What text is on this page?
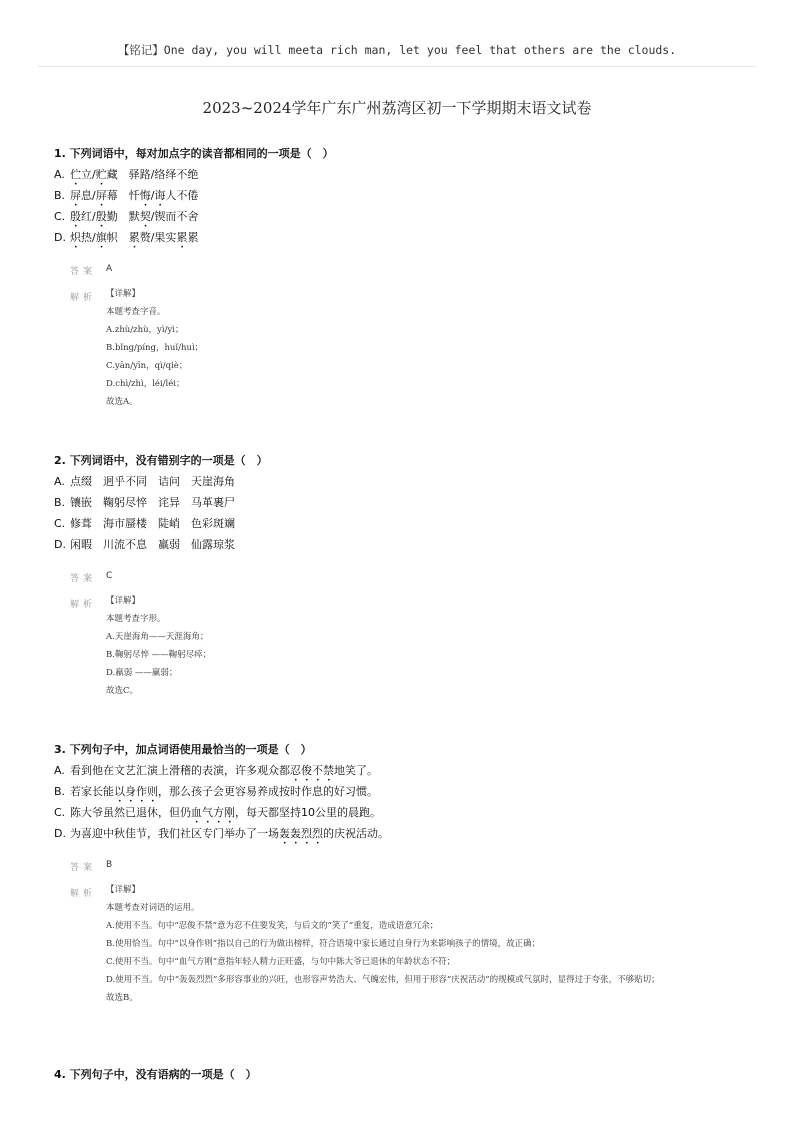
【铭记】One day, you will meeta rich man, let you feel that others are the clouds.
2023~2024学年广东广州荔湾区初一下学期期末语文试卷
1. 下列词语中，每对加点字的读音都相同的一项是（　）
A. 伫立/贮藏　驿路/络绎不绝
B. 屏息/屏幕　忏悔/诲人不倦
C. 殷红/殷勤　默契/锲而不舍
D. 炽热/旗帜　累赘/果实累累
答案 A
解析 【详解】
本题考查字音。
A.zhù/zhù，yì/yì；
B.bǐng/píng，huǐ/huì；
C.yān/yīn，qì/qiè；
D.chì/zhì，léi/léi；
故选A。
2. 下列词语中，没有错别字的一项是（　）
A. 点缀　迥乎不同　诘问　天崖海角
B. 镶嵌　鞠躬尽悴　诧异　马革裹尸
C. 修葺　海市蜃楼　陡峭　色彩斑斓
D. 闲暇　川流不息　羸弱　仙露琼浆
答案 C
解析 【详解】
本题考查字形。
A.天崖海角——天涯海角；
B.鞠躬尽悴 ——鞠躬尽瘁；
D.羸弱 ——赢弱；
故选C。
3. 下列句子中，加点词语使用最恰当的一项是（　）
A. 看到他在文艺汇演上滑稽的表演，许多观众都忍俊不禁地笑了。
B. 若家长能以身作则，那么孩子会更容易养成按时作息的好习惯。
C. 陈大爷虽然已退休，但仍血气方刚，每天都坚持10公里的晨跑。
D. 为喜迎中秋佳节，我们社区专门举办了一场轰轰烈烈的庆祝活动。
答案 B
解析 【详解】
本题考查对词语的运用。
A.使用不当。句中“忍俊不禁”意为忍不住要发笑，与后文的“笑了”重复，造成语意冗余；
B.使用恰当。句中“以身作则”指以自己的行为做出榜样，符合语境中家长通过自身行为来影响孩子的情境，故正确；
C.使用不当。句中“血气方刚”意指年轻人精力正旺盛，与句中陈大爷已退休的年龄状态不符；
D.使用不当。句中“轰轰烈烈”多形容事业的兴旺，也形容声势浩大、气魄宏伟，但用于形容“庆祝活动”的规模或气氛时，显得过于夸张，不够贴切；
故选B。
4. 下列句子中，没有语病的一项是（　）
